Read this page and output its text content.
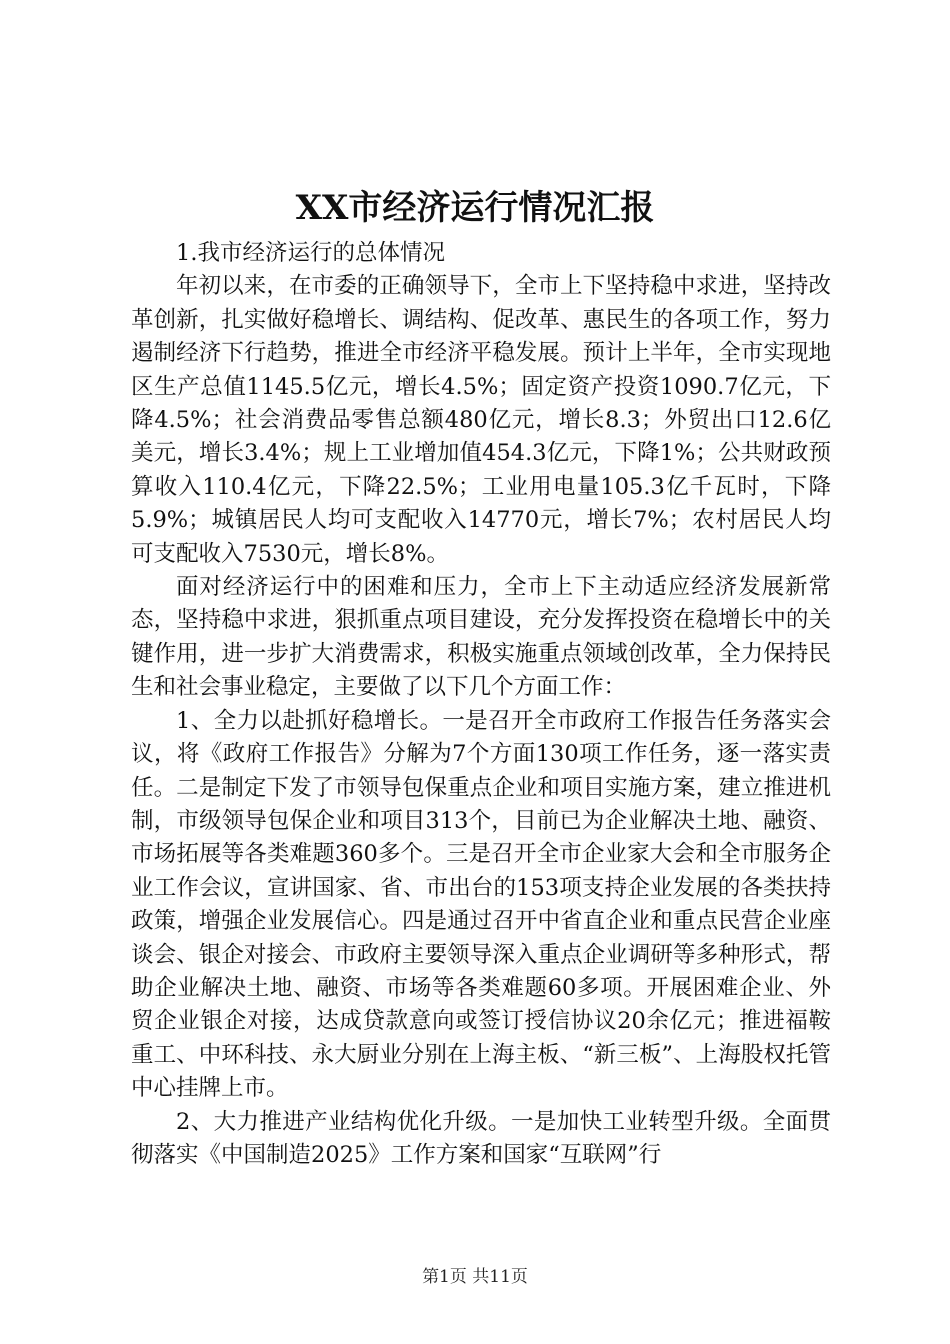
XX市经济运行情况汇报

1.我市经济运行的总体情况

年初以来，在市委的正确领导下，全市上下坚持稳中求进，坚持改革创新，扎实做好稳增长、调结构、促改革、惠民生的各项工作，努力遏制经济下行趋势，推进全市经济平稳发展。预计上半年，全市实现地区生产总值1145.5亿元，增长4.5%；固定资产投资1090.7亿元，下降4.5%；社会消费品零售总额480亿元，增长8.3；外贸出口12.6亿美元，增长3.4%；规上工业增加值454.3亿元，下降1%；公共财政预算收入110.4亿元，下降22.5%；工业用电量105.3亿千瓦时，下降5.9%；城镇居民人均可支配收入14770元，增长7%；农村居民人均可支配收入7530元，增长8%。

面对经济运行中的困难和压力，全市上下主动适应经济发展新常态，坚持稳中求进，狠抓重点项目建设，充分发挥投资在稳增长中的关键作用，进一步扩大消费需求，积极实施重点领域创改革，全力保持民生和社会事业稳定，主要做了以下几个方面工作：

1、全力以赴抓好稳增长。一是召开全市政府工作报告任务落实会议，将《政府工作报告》分解为7个方面130项工作任务，逐一落实责任。二是制定下发了市领导包保重点企业和项目实施方案，建立推进机制，市级领导包保企业和项目313个，目前已为企业解决土地、融资、市场拓展等各类难题360多个。三是召开全市企业家大会和全市服务企业工作会议，宣讲国家、省、市出台的153项支持企业发展的各类扶持政策，增强企业发展信心。四是通过召开中省直企业和重点民营企业座谈会、银企对接会、市政府主要领导深入重点企业调研等多种形式，帮助企业解决土地、融资、市场等各类难题60多项。开展困难企业、外贸企业银企对接，达成贷款意向或签订授信协议20余亿元；推进福鞍重工、中环科技、永大厨业分别在上海主板、“新三板”、上海股权托管中心挂牌上市。

2、大力推进产业结构优化升级。一是加快工业转型升级。全面贯彻落实《中国制造2025》工作方案和国家“互联网”行

第1页 共11页
